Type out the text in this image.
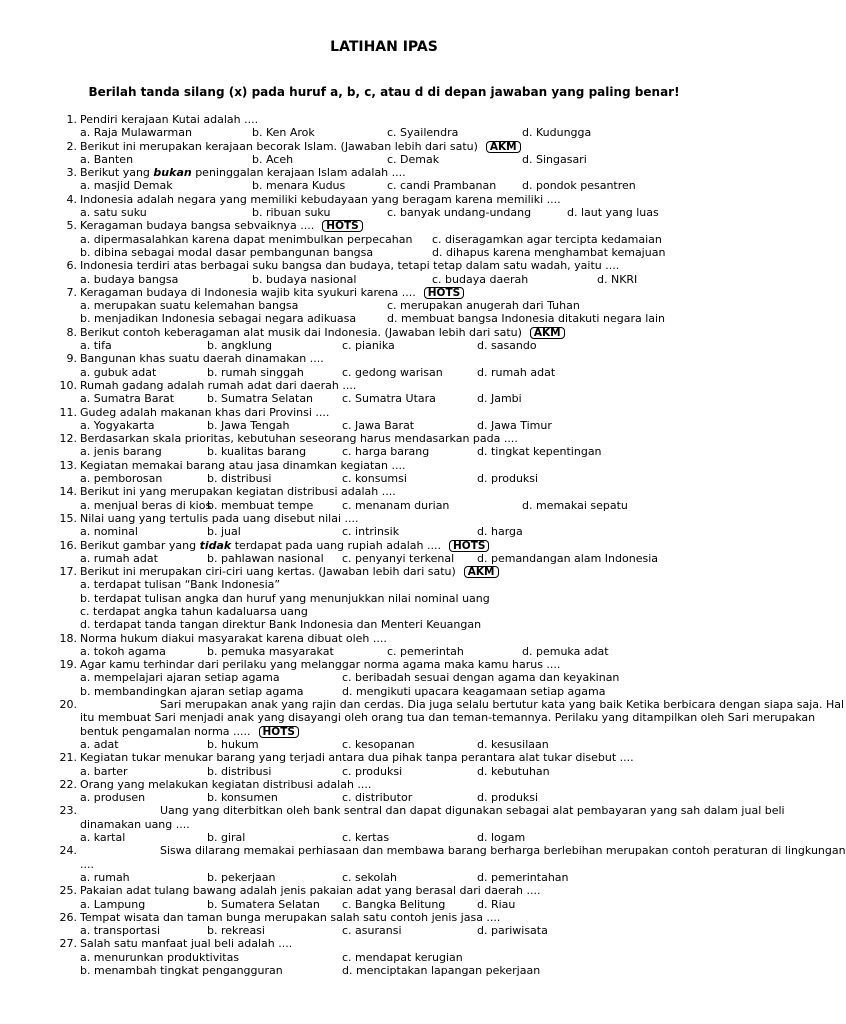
LATIHAN IPAS
Berilah tanda silang (x) pada huruf a, b, c, atau d di depan jawaban yang paling benar!
1. Pendiri kerajaan Kutai adalah ....
a. Raja Mulawarman	b. Ken Arok	c. Syailendra	d. Kudungga
2. Berikut ini merupakan kerajaan becorak Islam. (Jawaban lebih dari satu) AKM
a. Banten	b. Aceh	c. Demak	d. Singasari
3. Berikut yang bukan peninggalan kerajaan Islam adalah ....
a. masjid Demak	b. menara Kudus	c. candi Prambanan d. pondok pesantren
4. Indonesia adalah negara yang memiliki kebudayaan yang beragam karena memiliki ....
a. satu suku	b. ribuan suku	c. banyak undang-undang	d. laut yang luas
5. Keragaman budaya bangsa sebvaiknya .... HOTS
a. dipermasalahkan karena dapat menimbulkan perpecahan c. diseragamkan agar tercipta kedamaian
b. dibina sebagai modal dasar pembangunan bangsa	d. dihapus karena menghambat kemajuan
6. Indonesia terdiri atas berbagai suku bangsa dan budaya, tetapi tetap dalam satu wadah, yaitu ....
a. budaya bangsa	b. budaya nasional	c. budaya daerah	d. NKRI
7. Keragaman budaya di Indonesia wajib kita syukuri karena .... HOTS
a. merupakan suatu kelemahan bangsa	c. merupakan anugerah dari Tuhan
b. menjadikan Indonesia sebagai negara adikuasa	d. membuat bangsa Indonesia ditakuti negara lain
8. Berikut contoh keberagaman alat musik dai Indonesia. (Jawaban lebih dari satu) AKM
a. tifa	b. angklung	c. pianika	d. sasando
9. Bangunan khas suatu daerah dinamakan ....
a. gubuk adat	b. rumah singgah	c. gedong warisan	d. rumah adat
10. Rumah gadang adalah rumah adat dari daerah ....
a. Sumatra Barat	b. Sumatra Selatan	c. Sumatra Utara	d. Jambi
11. Gudeg adalah makanan khas dari Provinsi ....
a. Yogyakarta	b. Jawa Tengah	c. Jawa Barat	d. Jawa Timur
12. Berdasarkan skala prioritas, kebutuhan seseorang harus mendasarkan pada ....
a. jenis barang	b. kualitas barang	c. harga barang	d. tingkat kepentingan
13. Kegiatan memakai barang atau jasa dinamkan kegiatan ....
a. pemborosan	b. distribusi	c. konsumsi	d. produksi
14. Berikut ini yang merupakan kegiatan distribusi adalah ....
a. menjual beras di kios
b. membuat tempe	c. menanam durian	d. memakai sepatu
15. Nilai uang yang tertulis pada uang disebut nilai ....
a. nominal	b. jual	c. intrinsik	d. harga
16. Berikut gambar yang tidak terdapat pada uang rupiah adalah .... HOTS
a. rumah adat	b. pahlawan nasional c. penyanyi terkenal d. pemandangan alam Indonesia
17. Berikut ini merupakan ciri-ciri uang kertas. (Jawaban lebih dari satu) AKM
a. terdapat tulisan “Bank Indonesia”
b. terdapat tulisan angka dan huruf yang menunjukkan nilai nominal uang
c. terdapat angka tahun kadaluarsa uang
d. terdapat tanda tangan direktur Bank Indonesia dan Menteri Keuangan
18. Norma hukum diakui masyarakat karena dibuat oleh ....
a. tokoh agama	b. pemuka masyarakat	c. pemerintah	d. pemuka adat
19. Agar kamu terhindar dari perilaku yang melanggar norma agama maka kamu harus ....
a. mempelajari ajaran setiap agama	c. beribadah sesuai dengan agama dan keyakinan
b. membandingkan ajaran setiap agama	d. mengikuti upacara keagamaan setiap agama
20.	Sari merupakan anak yang rajin dan cerdas. Dia juga selalu bertutur kata yang baik Ketika berbicara dengan siapa saja. Hal itu membuat Sari menjadi anak yang disayangi oleh orang tua dan teman-temannya. Perilaku yang ditampilkan oleh Sari merupakan bentuk pengamalan norma ..... HOTS
a. adat	b. hukum	c. kesopanan	d. kesusilaan
21. Kegiatan tukar menukar barang yang terjadi antara dua pihak tanpa perantara alat tukar disebut ....
a. barter	b. distribusi	c. produksi	d. kebutuhan
22. Orang yang melakukan kegiatan distribusi adalah ....
a. produsen	b. konsumen	c. distributor	d. produksi
23.	Uang yang diterbitkan oleh bank sentral dan dapat digunakan sebagai alat pembayaran yang sah dalam jual beli dinamakan uang ....
a. kartal	b. giral	c. kertas	d. logam
24.	Siswa dilarang memakai perhiasaan dan membawa barang berharga berlebihan merupakan contoh peraturan di lingkungan ....
a. rumah	b. pekerjaan	c. sekolah	d. pemerintahan
25. Pakaian adat tulang bawang adalah jenis pakaian adat yang berasal dari daerah ....
a. Lampung	b. Sumatera Selatan c. Bangka Belitung	d. Riau
26. Tempat wisata dan taman bunga merupakan salah satu contoh jenis jasa ....
a. transportasi	b. rekreasi	c. asuransi	d. pariwisata
27. Salah satu manfaat jual beli adalah ....
a. menurunkan produktivitas	c. mendapat kerugian
b. menambah tingkat pengangguran	d. menciptakan lapangan pekerjaan
